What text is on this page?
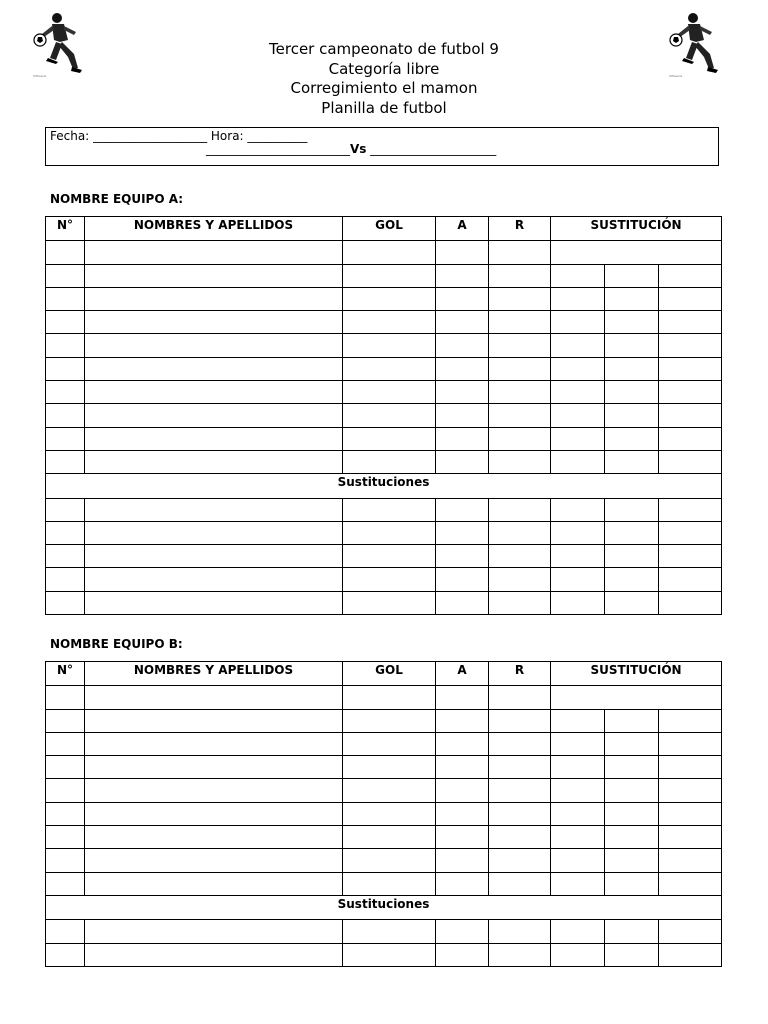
SHKeeds	SHKeeds
Tercer campeonato de futbol 9
Categoría libre
Corregimiento el mamon
Planilla de futbol
Fecha: ___________________ Hora: __________
________________________Vs _____________________
NOMBRE EQUIPO A:
N°	NOMBRES Y APELLIDOS	GOL	A	R	SUSTITUCIÓN		

Sustituciones							

NOMBRE EQUIPO B:
N°	NOMBRES Y APELLIDOS	GOL	A	R	SUSTITUCIÓN		

Sustituciones							
